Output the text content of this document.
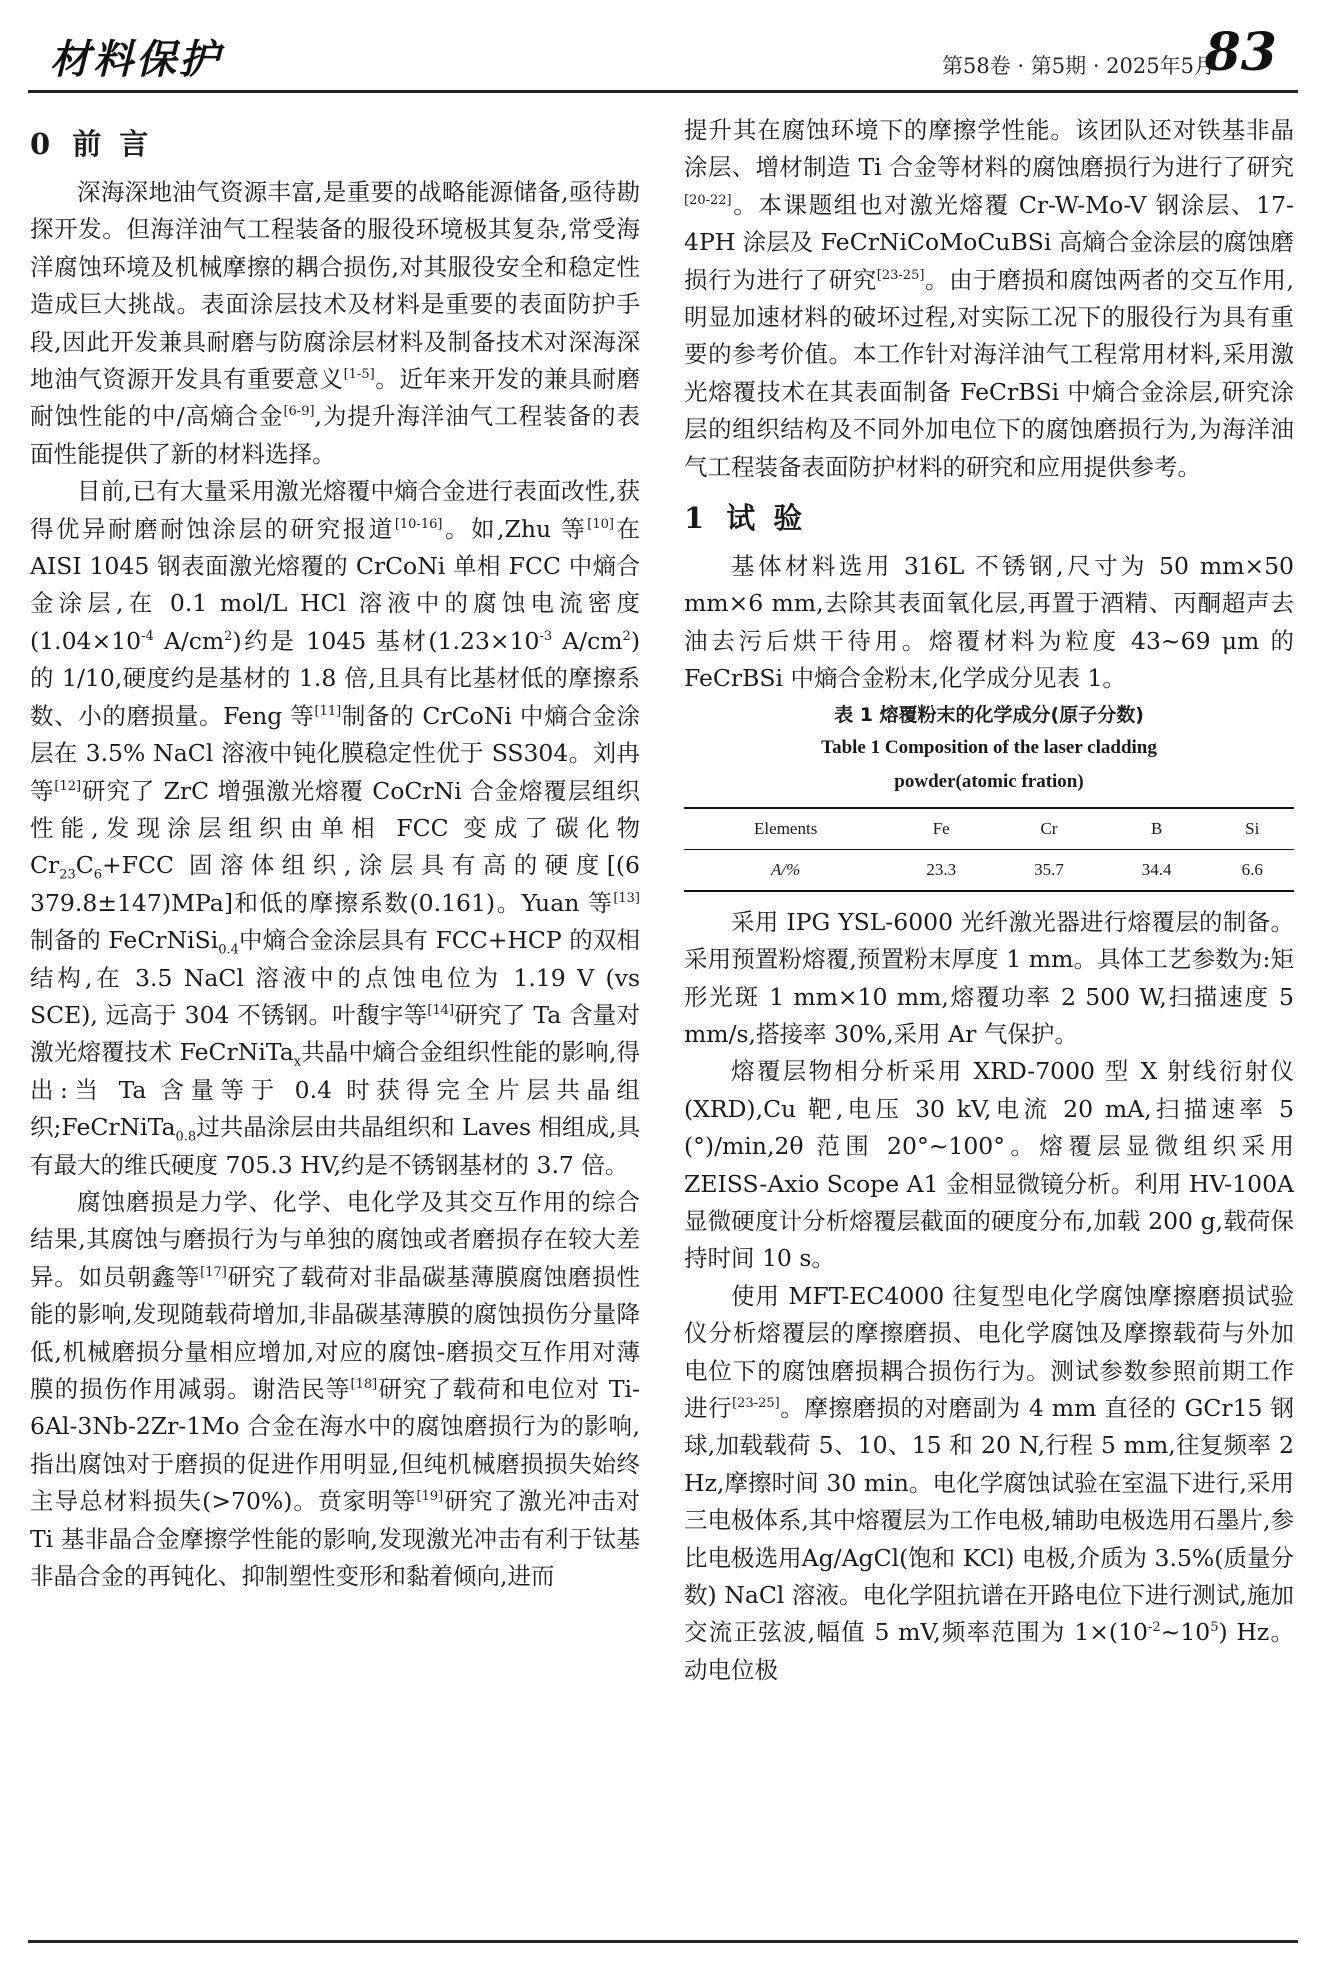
材料保护	第58卷 · 第5期 · 2025年5月
83
0 前言

深海深地油气资源丰富,是重要的战略能源储备,亟待勘探开发。但海洋油气工程装备的服役环境极其复杂,常受海洋腐蚀环境及机械摩擦的耦合损伤,对其服役安全和稳定性造成巨大挑战。表面涂层技术及材料是重要的表面防护手段,因此开发兼具耐磨与防腐涂层材料及制备技术对深海深地油气资源开发具有重要意义[1-5]。近年来开发的兼具耐磨耐蚀性能的中/高熵合金[6-9],为提升海洋油气工程装备的表面性能提供了新的材料选择。

目前,已有大量采用激光熔覆中熵合金进行表面改性,获得优异耐磨耐蚀涂层的研究报道[10-16]。如,Zhu 等[10]在 AISI 1045 钢表面激光熔覆的 CrCoNi 单相 FCC 中熵合金涂层,在 0.1 mol/L HCl 溶液中的腐蚀电流密度($1.04\times 10^{-4}$ $A/cm^2$)约是 1045 基材($1.23\times 10^{-3}$ $A/cm^2$)的 1/10,硬度约是基材的 1.8 倍,且具有比基材低的摩擦系数、小的磨损量。Feng 等[11]制备的 CrCoNi 中熵合金涂层在 3.5% NaCl 溶液中钝化膜稳定性优于 SS304。刘冉等[12]研究了 ZrC 增强激光熔覆 CoCrNi 合金熔覆层组织性能,发现涂层组织由单相 FCC 变成了碳化物 $Cr_{23}C_6+FCC$ 固溶体组织,涂层具有高的硬度[(6 379.8±147)MPa]和低的摩擦系数(0.161)。Yuan 等[13]制备的 FeCrNiSi$_{0.4}$中熵合金涂层具有 FCC+HCP 的双相结构,在 3.5 NaCl 溶液中的点蚀电位为 1.19 V (vs SCE), 远高于 304 不锈钢。叶馥宇等[14]研究了 Ta 含量对激光熔覆技术 FeCrNiTa$_x$共晶中熵合金组织性能的影响,得出:当 Ta 含量等于 0.4 时获得完全片层共晶组织;FeCrNiTa$_{0.8}$过共晶涂层由共晶组织和 Laves 相组成,具有最大的维氏硬度 705.3 HV,约是不锈钢基材的 3.7 倍。

腐蚀磨损是力学、化学、电化学及其交互作用的综合结果,其腐蚀与磨损行为与单独的腐蚀或者磨损存在较大差异。如员朝鑫等[17]研究了载荷对非晶碳基薄膜腐蚀磨损性能的影响,发现随载荷增加,非晶碳基薄膜的腐蚀损伤分量降低,机械磨损分量相应增加,对应的腐蚀-磨损交互作用对薄膜的损伤作用减弱。谢浩民等[18]研究了载荷和电位对 Ti-6Al-3Nb-2Zr-1Mo 合金在海水中的腐蚀磨损行为的影响,指出腐蚀对于磨损的促进作用明显,但纯机械磨损损失始终主导总材料损失(>70%)。贲家明等[19]研究了激光冲击对 Ti 基非晶合金摩擦学性能的影响,发现激光冲击有利于钛基非晶合金的再钝化、抑制塑性变形和黏着倾向,进而

提升其在腐蚀环境下的摩擦学性能。该团队还对铁基非晶涂层、增材制造 Ti 合金等材料的腐蚀磨损行为进行了研究[20-22]。本课题组也对激光熔覆 Cr-W-Mo-V 钢涂层、17-4PH 涂层及 FeCrNiCoMoCuBSi 高熵合金涂层的腐蚀磨损行为进行了研究[23-25]。由于磨损和腐蚀两者的交互作用,明显加速材料的破坏过程,对实际工况下的服役行为具有重要的参考价值。本工作针对海洋油气工程常用材料,采用激光熔覆技术在其表面制备 FeCrBSi 中熵合金涂层,研究涂层的组织结构及不同外加电位下的腐蚀磨损行为,为海洋油气工程装备表面防护材料的研究和应用提供参考。

1 试验

基体材料选用 316L 不锈钢,尺寸为 50 mm×50 mm×6 mm,去除其表面氧化层,再置于酒精、丙酮超声去油去污后烘干待用。熔覆材料为粒度 43~69 μm 的 FeCrBSi 中熵合金粉末,化学成分见表 1。

表 1 熔覆粉末的化学成分(原子分数)
Table 1 Composition of the laser cladding
powder(atomic fration)
Elements	Fe	Cr	B	Si
A/%	23.3	35.7	34.4	6.6

采用 IPG YSL-6000 光纤激光器进行熔覆层的制备。采用预置粉熔覆,预置粉末厚度 1 mm。具体工艺参数为:矩形光斑 1 mm×10 mm,熔覆功率 2 500 W,扫描速度 5 mm/s,搭接率 30%,采用 Ar 气保护。

熔覆层物相分析采用 XRD-7000 型 X 射线衍射仪(XRD),Cu 靶,电压 30 kV,电流 20 mA,扫描速率 5 (°)/min,2θ 范围 20°~100°。熔覆层显微组织采用 ZEISS-Axio Scope A1 金相显微镜分析。利用 HV-100A 显微硬度计分析熔覆层截面的硬度分布,加载 200 g,载荷保持时间 10 s。

使用 MFT-EC4000 往复型电化学腐蚀摩擦磨损试验仪分析熔覆层的摩擦磨损、电化学腐蚀及摩擦载荷与外加电位下的腐蚀磨损耦合损伤行为。测试参数参照前期工作进行[23-25]。摩擦磨损的对磨副为 4 mm 直径的 GCr15 钢球,加载载荷 5、10、15 和 20 N,行程 5 mm,往复频率 2 Hz,摩擦时间 30 min。电化学腐蚀试验在室温下进行,采用三电极体系,其中熔覆层为工作电极,辅助电极选用石墨片,参比电极选用Ag/AgCl(饱和 KCl) 电极,介质为 3.5%(质量分数) NaCl 溶液。电化学阻抗谱在开路电位下进行测试,施加交流正弦波,幅值 5 mV,频率范围为 $1\times(10^{-2}\sim 10^5)$ Hz。动电位极
